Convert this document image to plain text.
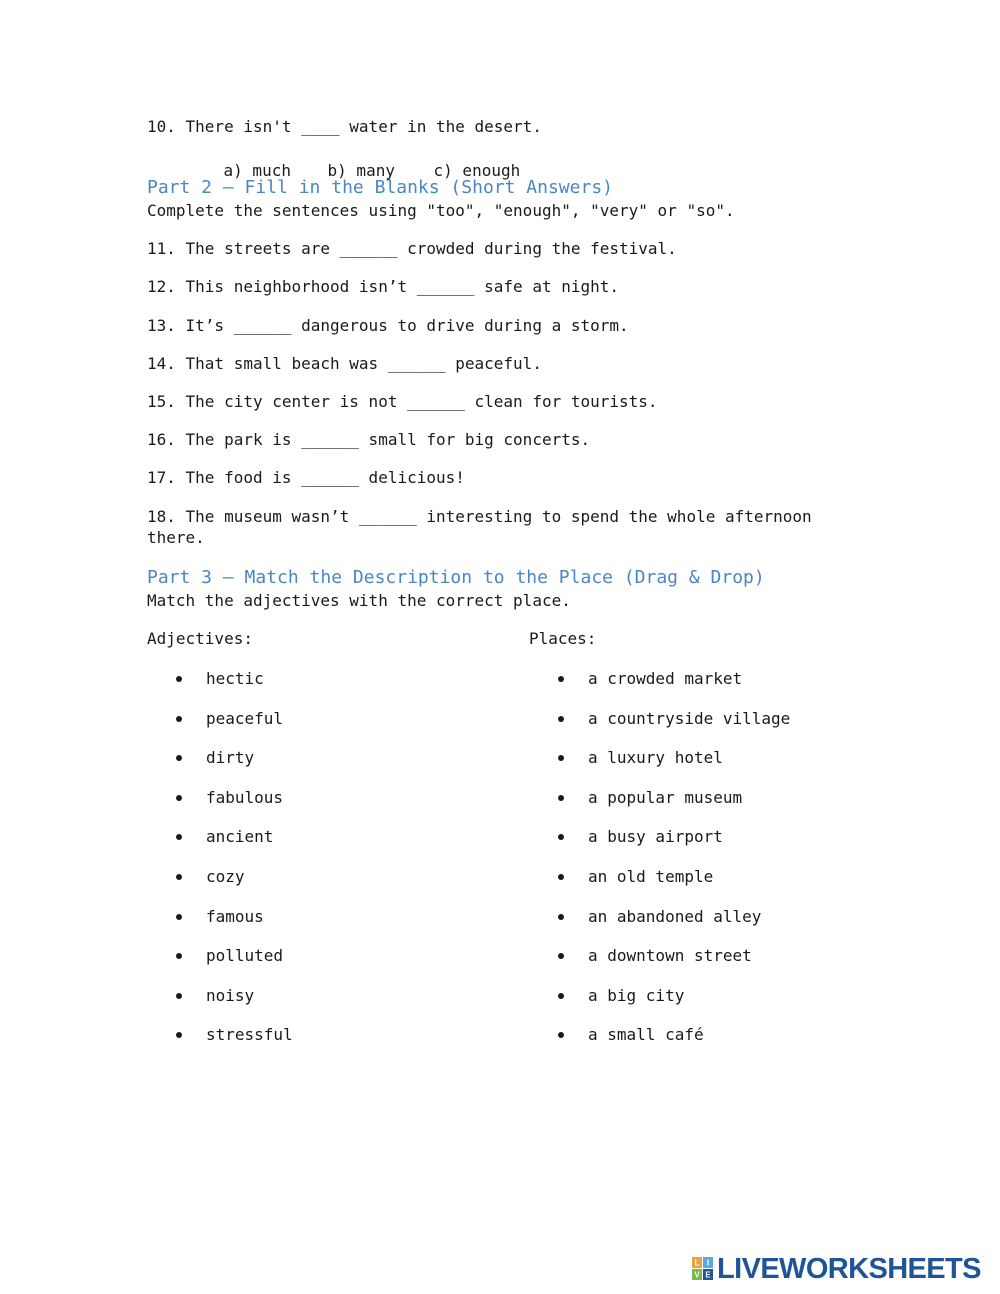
10. There isn't ____ water in the desert.

a) much b) many c) enough

Part 2 – Fill in the Blanks (Short Answers)
Complete the sentences using "too", "enough", "very" or "so".
11. The streets are ______ crowded during the festival.
12. This neighborhood isn’t ______ safe at night.
13. It’s ______ dangerous to drive during a storm.
14. That small beach was ______ peaceful.
15. The city center is not ______ clean for tourists.
16. The park is ______ small for big concerts.
17. The food is ______ delicious!
18. The museum wasn’t ______ interesting to spend the whole afternoon
there.
Part 3 – Match the Description to the Place (Drag & Drop)
Match the adjectives with the correct place.
Adjectives:	Places:
hectic
peaceful
dirty
fabulous
ancient
cozy
famous
polluted
noisy
stressful
a crowded market
a countryside village
a luxury hotel
a popular museum
a busy airport
an old temple
an abandoned alley
a downtown street
a big city
a small café
L I
V E LIVEWORKSHEETS
